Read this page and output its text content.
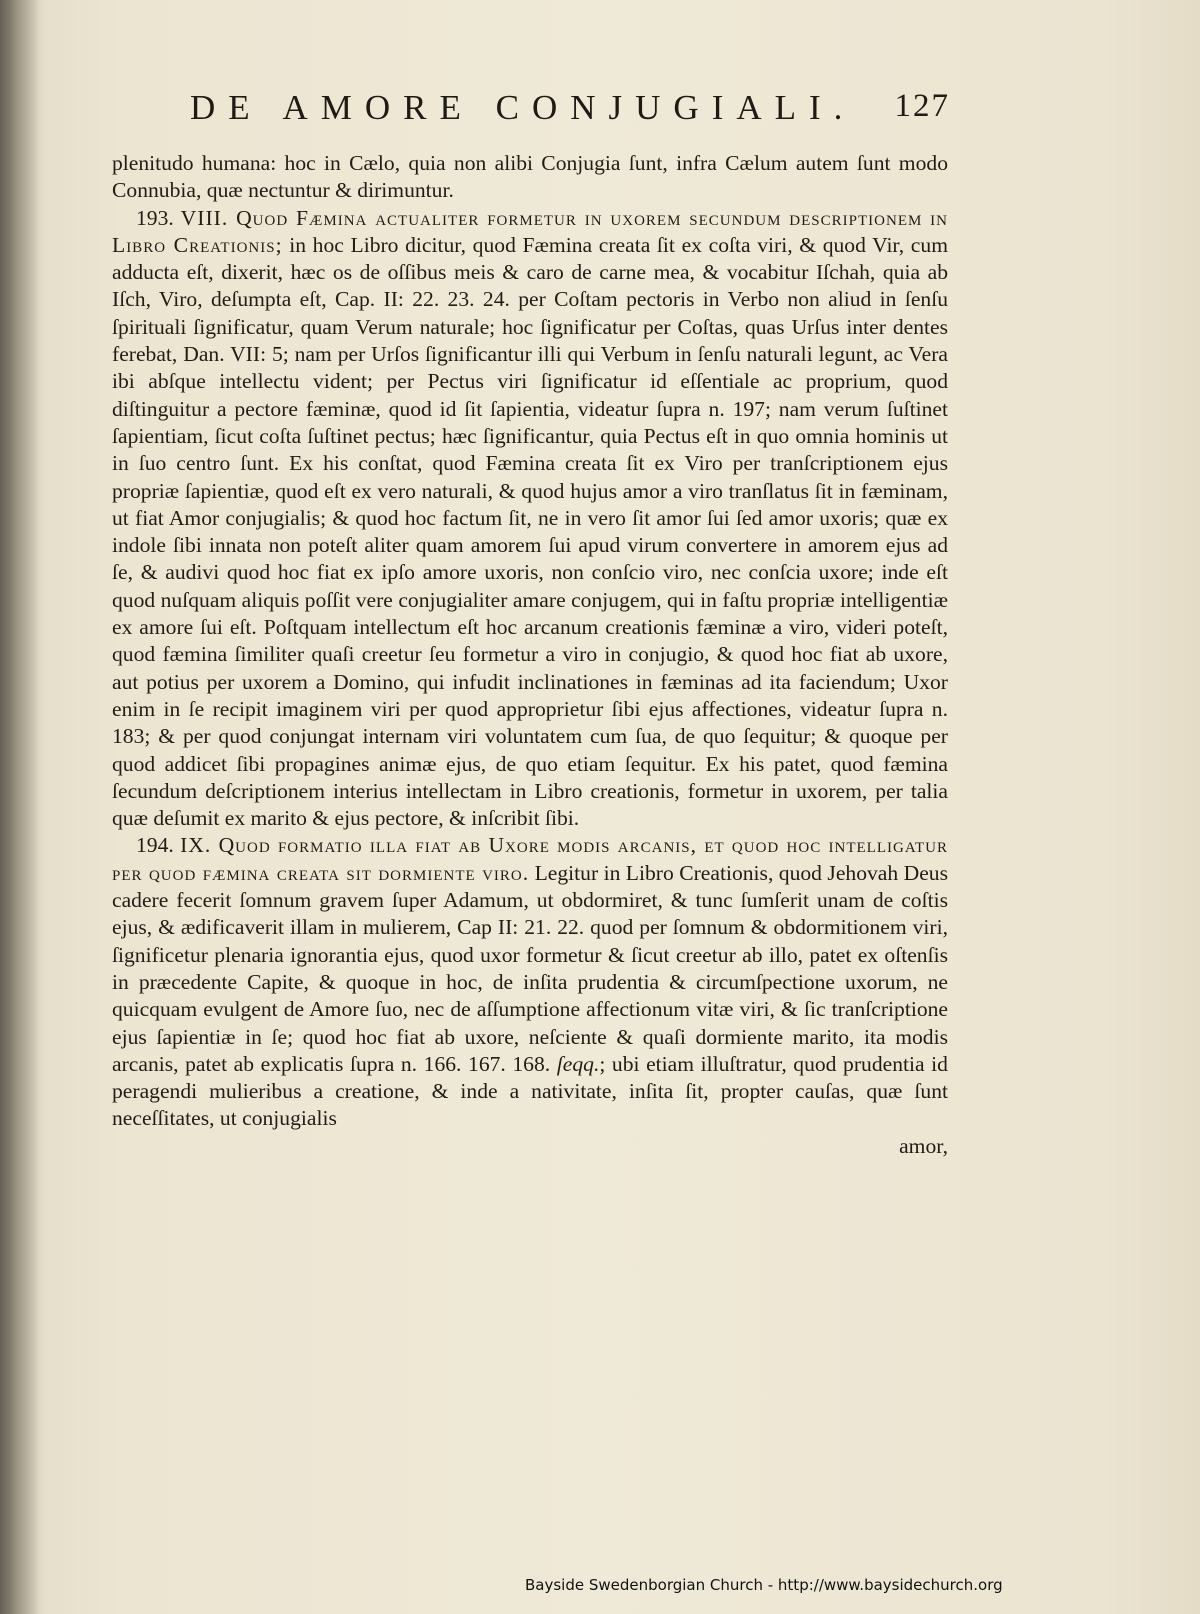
DE AMORE CONJUGIALI. 127

plenitudo humana: hoc in Cælo, quia non alibi Conjugia ſunt, infra Cælum autem ſunt modo Connubia, quæ nectuntur & dirimuntur.

193. VIII. Quod Fæmina actualiter formetur in uxorem secundum descriptionem in Libro Creationis; in hoc Libro dicitur, quod Fæmina creata ſit ex coſta viri, & quod Vir, cum adducta eſt, dixerit, hæc os de oſſibus meis & caro de carne mea, & vocabitur Iſchah, quia ab Iſch, Viro, deſumpta eſt, Cap. II: 22. 23. 24. per Coſtam pectoris in Verbo non aliud in ſenſu ſpirituali ſignificatur, quam Verum naturale; hoc ſignificatur per Coſtas, quas Urſus inter dentes ferebat, Dan. VII: 5; nam per Urſos ſignificantur illi qui Verbum in ſenſu naturali legunt, ac Vera ibi abſque intellectu vident; per Pectus viri ſignificatur id eſſentiale ac proprium, quod diſtinguitur a pectore fæminæ, quod id ſit ſapientia, videatur ſupra n. 197; nam verum ſuſtinet ſapientiam, ſicut coſta ſuſtinet pectus; hæc ſignificantur, quia Pectus eſt in quo omnia hominis ut in ſuo centro ſunt. Ex his conſtat, quod Fæmina creata ſit ex Viro per tranſcriptionem ejus propriæ ſapientiæ, quod eſt ex vero naturali, & quod hujus amor a viro tranſlatus ſit in fæminam, ut fiat Amor conjugialis; & quod hoc factum ſit, ne in vero ſit amor ſui ſed amor uxoris; quæ ex indole ſibi innata non poteſt aliter quam amorem ſui apud virum convertere in amorem ejus ad ſe, & audivi quod hoc fiat ex ipſo amore uxoris, non conſcio viro, nec conſcia uxore; inde eſt quod nuſquam aliquis poſſit vere conjugialiter amare conjugem, qui in faſtu propriæ intelligentiæ ex amore ſui eſt. Poſtquam intellectum eſt hoc arcanum creationis fæminæ a viro, videri poteſt, quod fæmina ſimiliter quaſi creetur ſeu formetur a viro in conjugio, & quod hoc fiat ab uxore, aut potius per uxorem a Domino, qui infudit inclinationes in fæminas ad ita faciendum; Uxor enim in ſe recipit imaginem viri per quod approprietur ſibi ejus affectiones, videatur ſupra n. 183; & per quod conjungat internam viri voluntatem cum ſua, de quo ſequitur; & quoque per quod addicet ſibi propagines animæ ejus, de quo etiam ſequitur. Ex his patet, quod fæmina ſecundum deſcriptionem interius intellectam in Libro creationis, formetur in uxorem, per talia quæ deſumit ex marito & ejus pectore, & inſcribit ſibi.

194. IX. Quod formatio illa fiat ab Uxore modis arcanis, et quod hoc intelligatur per quod fæmina creata sit dormiente viro. Legitur in Libro Creationis, quod Jehovah Deus cadere fecerit ſomnum gravem ſuper Adamum, ut obdormiret, & tunc ſumſerit unam de coſtis ejus, & ædificaverit illam in mulierem, Cap II: 21. 22. quod per ſomnum & obdormitionem viri, ſignificetur plenaria ignorantia ejus, quod uxor formetur & ſicut creetur ab illo, patet ex oſtenſis in præcedente Capite, & quoque in hoc, de inſita prudentia & circumſpectione uxorum, ne quicquam evulgent de Amore ſuo, nec de aſſumptione affectionum vitæ viri, & ſic tranſcriptione ejus ſapientiæ in ſe; quod hoc fiat ab uxore, neſciente & quaſi dormiente marito, ita modis arcanis, patet ab explicatis ſupra n. 166. 167. 168. ſeqq.; ubi etiam illuſtratur, quod prudentia id peragendi mulieribus a creatione, & inde a nativitate, inſita ſit, propter cauſas, quæ ſunt neceſſitates, ut conjugialis

amor,

Bayside Swedenborgian Church - http://www.baysidechurch.org
